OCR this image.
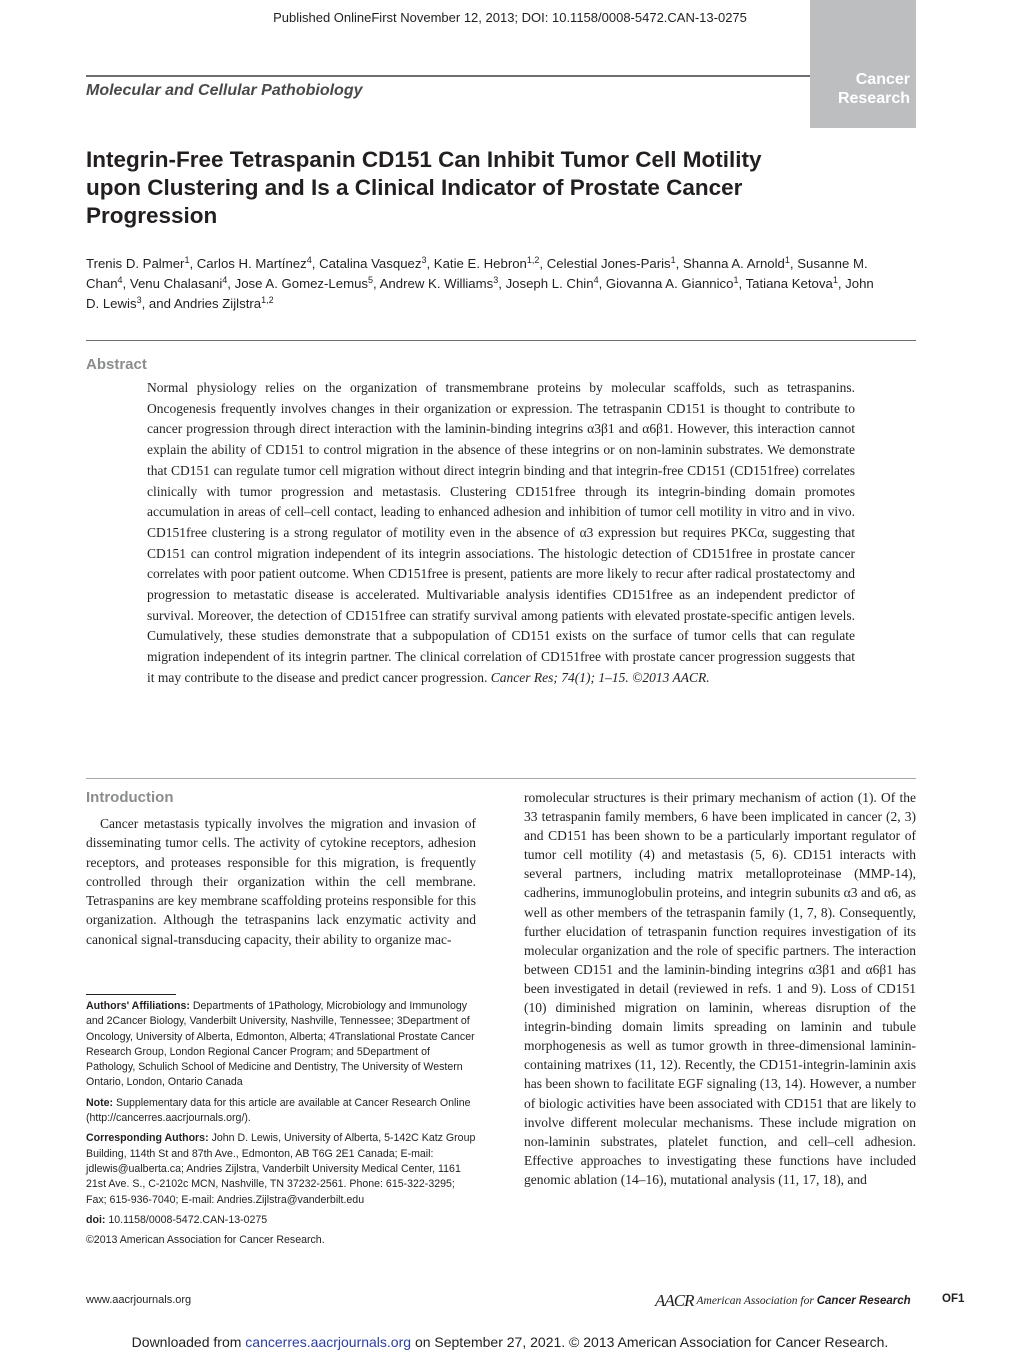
Published OnlineFirst November 12, 2013; DOI: 10.1158/0008-5472.CAN-13-0275
Molecular and Cellular Pathobiology
Cancer
Research
Integrin-Free Tetraspanin CD151 Can Inhibit Tumor Cell Motility upon Clustering and Is a Clinical Indicator of Prostate Cancer Progression
Trenis D. Palmer$^1$, Carlos H. Martínez$^4$, Catalina Vasquez$^3$, Katie E. Hebron$^{1,2}$, Celestial Jones-Paris$^1$, Shanna A. Arnold$^1$, Susanne M. Chan$^4$, Venu Chalasani$^4$, Jose A. Gomez-Lemus$^5$, Andrew K. Williams$^3$, Joseph L. Chin$^4$, Giovanna A. Giannico$^1$, Tatiana Ketova$^1$, John D. Lewis$^3$, and Andries Zijlstra$^{1,2}$
Abstract

Normal physiology relies on the organization of transmembrane proteins by molecular scaffolds, such as tetraspanins. Oncogenesis frequently involves changes in their organization or expression. The tetraspanin CD151 is thought to contribute to cancer progression through direct interaction with the laminin-binding integrins α3β1 and α6β1. However, this interaction cannot explain the ability of CD151 to control migration in the absence of these integrins or on non-laminin substrates. We demonstrate that CD151 can regulate tumor cell migration without direct integrin binding and that integrin-free CD151 (CD151free) correlates clinically with tumor progression and metastasis. Clustering CD151free through its integrin-binding domain promotes accumulation in areas of cell–cell contact, leading to enhanced adhesion and inhibition of tumor cell motility in vitro and in vivo. CD151free clustering is a strong regulator of motility even in the absence of α3 expression but requires PKCα, suggesting that CD151 can control migration independent of its integrin associations. The histologic detection of CD151free in prostate cancer correlates with poor patient outcome. When CD151free is present, patients are more likely to recur after radical prostatectomy and progression to metastatic disease is accelerated. Multivariable analysis identifies CD151free as an independent predictor of survival. Moreover, the detection of CD151free can stratify survival among patients with elevated prostate-specific antigen levels. Cumulatively, these studies demonstrate that a subpopulation of CD151 exists on the surface of tumor cells that can regulate migration independent of its integrin partner. The clinical correlation of CD151free with prostate cancer progression suggests that it may contribute to the disease and predict cancer progression. Cancer Res; 74(1); 1–15. ©2013 AACR.

Introduction

Cancer metastasis typically involves the migration and invasion of disseminating tumor cells. The activity of cytokine receptors, adhesion receptors, and proteases responsible for this migration, is frequently controlled through their organization within the cell membrane. Tetraspanins are key membrane scaffolding proteins responsible for this organization. Although the tetraspanins lack enzymatic activity and canonical signal-transducing capacity, their ability to organize mac-

romolecular structures is their primary mechanism of action (1). Of the 33 tetraspanin family members, 6 have been implicated in cancer (2, 3) and CD151 has been shown to be a particularly important regulator of tumor cell motility (4) and metastasis (5, 6). CD151 interacts with several partners, including matrix metalloproteinase (MMP-14), cadherins, immunoglobulin proteins, and integrin subunits α3 and α6, as well as other members of the tetraspanin family (1, 7, 8). Consequently, further elucidation of tetraspanin function requires investigation of its molecular organization and the role of specific partners. The interaction between CD151 and the laminin-binding integrins α3β1 and α6β1 has been investigated in detail (reviewed in refs. 1 and 9). Loss of CD151 (10) diminished migration on laminin, whereas disruption of the integrin-binding domain limits spreading on laminin and tubule morphogenesis as well as tumor growth in three-dimensional laminin-containing matrixes (11, 12). Recently, the CD151-integrin-laminin axis has been shown to facilitate EGF signaling (13, 14). However, a number of biologic activities have been associated with CD151 that are likely to involve different molecular mechanisms. These include migration on non-laminin substrates, platelet function, and cell–cell adhesion. Effective approaches to investigating these functions have included genomic ablation (14–16), mutational analysis (11, 17, 18), and

Authors' Affiliations: Departments of 1Pathology, Microbiology and Immunology and 2Cancer Biology, Vanderbilt University, Nashville, Tennessee; 3Department of Oncology, University of Alberta, Edmonton, Alberta; 4Translational Prostate Cancer Research Group, London Regional Cancer Program; and 5Department of Pathology, Schulich School of Medicine and Dentistry, The University of Western Ontario, London, Ontario Canada

Note: Supplementary data for this article are available at Cancer Research Online (http://cancerres.aacrjournals.org/).

Corresponding Authors: John D. Lewis, University of Alberta, 5-142C Katz Group Building, 114th St and 87th Ave., Edmonton, AB T6G 2E1 Canada; E-mail: jdlewis@ualberta.ca; Andries Zijlstra, Vanderbilt University Medical Center, 1161 21st Ave. S., C-2102c MCN, Nashville, TN 37232-2561. Phone: 615-322-3295; Fax; 615-936-7040; E-mail: Andries.Zijlstra@vanderbilt.edu

doi: 10.1158/0008-5472.CAN-13-0275

©2013 American Association for Cancer Research.

www.aacrjournals.org	AACR American Association for Cancer Research	OF1
Downloaded from cancerres.aacrjournals.org on September 27, 2021. © 2013 American Association for Cancer Research.
